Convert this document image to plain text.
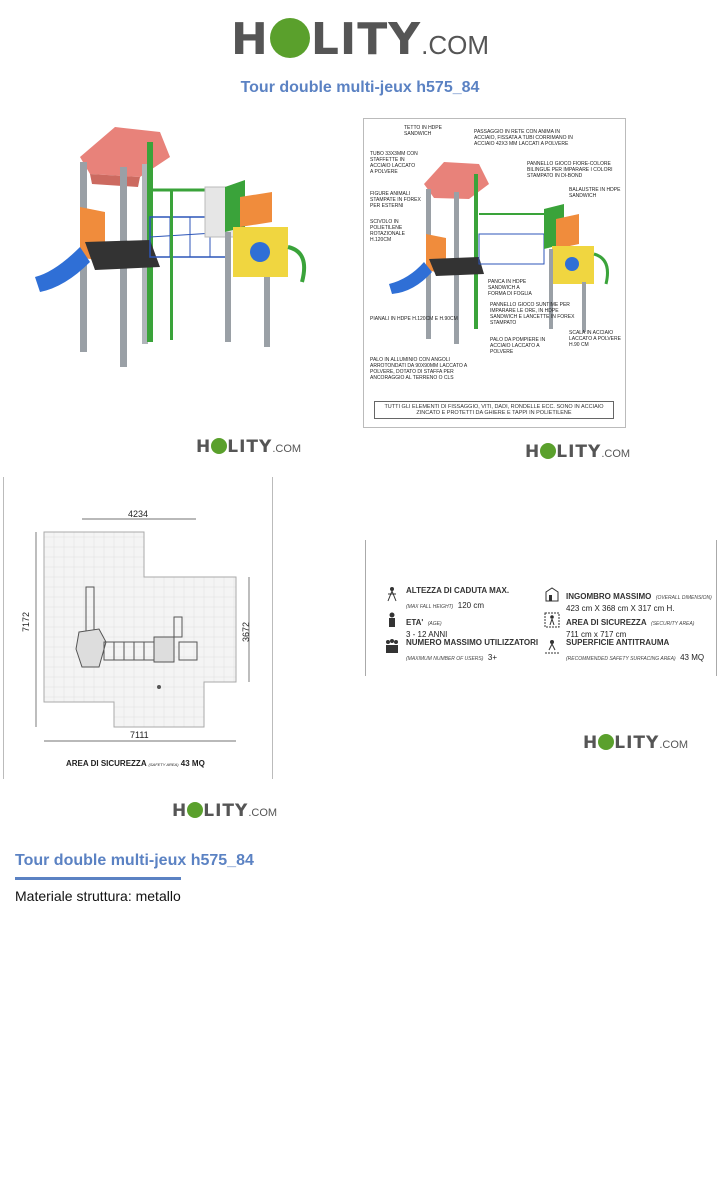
H LITY .COM
Tour double multi-jeux h575_84
TETTO IN HDPE SANDWICH	PASSAGGIO IN RETE CON ANIMA IN ACCIAIO, FISSATA A TUBI CORRIMANO IN ACCIAIO 42X3 MM LACCATI A POLVERE
TUBO 33X3MM CON STAFFETTE IN ACCIAIO LACCATO A POLVERE
PANNELLO GIOCO FIORE-COLORE BILINGUE PER IMPARARE I COLORI STAMPATO IN DI-BOND
BALAUSTRE IN HDPE SANDWICH
FIGURE ANIMALI STAMPATE IN FOREX PER ESTERNI
SCIVOLO IN POLIETILENE ROTAZIONALE H.120CM
PANCA IN HDPE SANDWICH A FORMA DI FOGLIA
PANNELLO GIOCO SUNTIME PER IMPARARE LE ORE, IN HDPE SANDWICH E LANCETTE IN FOREX STAMPATO
PIANALI IN HDPE H.120CM E H.90CM
PALO DA POMPIERE IN ACCIAIO LACCATO A POLVERE
SCALA IN ACCIAIO LACCATO A POLVERE H.90 CM
PALO IN ALLUMINIO CON ANGOLI ARROTONDATI DA 90X90MM LACCATO A POLVERE, DOTATO DI STAFFA PER ANCORAGGIO AL TERRENO O CLS
TUTTI GLI ELEMENTI DI FISSAGGIO, VITI, DADI, RONDELLE ECC. SONO IN ACCIAIO ZINCATO E PROTETTI DA GHIERE E TAPPI IN POLIETILENE
H LITY .COM	H LITY .COM
4234
7172	3672
7111
AREA DI SICUREZZA (SAFETY AREA) 43 MQ
H LITY .COM
ALTEZZA DI CADUTA MAX.
(MAX FALL HEIGHT) 120 cm
INGOMBRO MASSIMO (OVERALL DIMENSION)
423 cm X 368 cm X 317 cm H.
ETA' (AGE)
3 - 12 ANNI
AREA DI SICUREZZA (SECURITY AREA)
711 cm x 717 cm
NUMERO MASSIMO UTILIZZATORI
(MAXIMUM NUMBER OF USERS) 3+
SUPERFICIE ANTITRAUMA
(RECOMMENDED SAFETY SURFACING AREA) 43 MQ
H LITY .COM
Tour double multi-jeux h575_84
Materiale struttura: metallo
